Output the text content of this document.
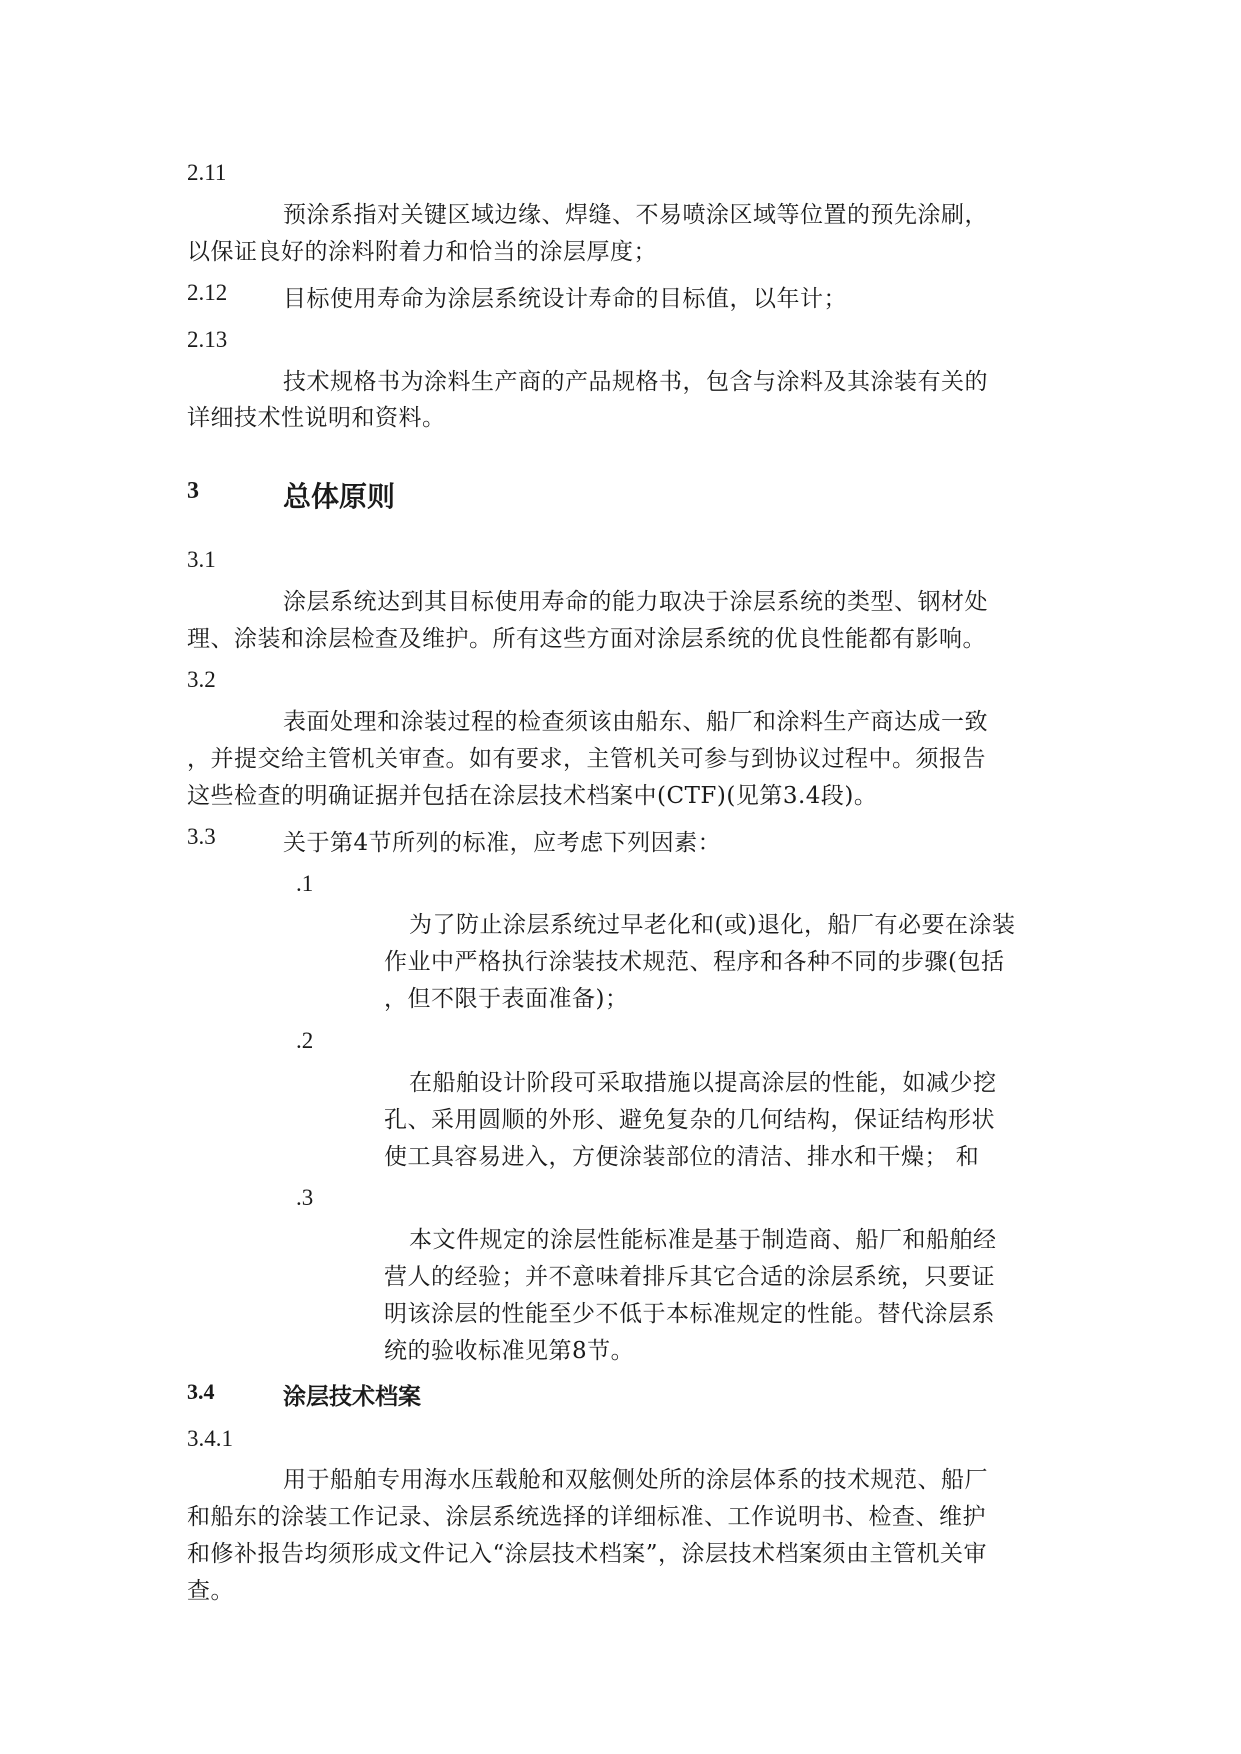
2.11
预涂系指对关键区域边缘、焊缝、不易喷涂区域等位置的预先涂刷，
以保证良好的涂料附着力和恰当的涂层厚度；
2.12 目标使用寿命为涂层系统设计寿命的目标值，以年计；
2.13
技术规格书为涂料生产商的产品规格书，包含与涂料及其涂装有关的
详细技术性说明和资料。
3	总体原则
3.1
涂层系统达到其目标使用寿命的能力取决于涂层系统的类型、钢材处
理、涂装和涂层检查及维护。所有这些方面对涂层系统的优良性能都有影响。
3.2
表面处理和涂装过程的检查须该由船东、船厂和涂料生产商达成一致
，并提交给主管机关审查。如有要求，主管机关可参与到协议过程中。须报告
这些检查的明确证据并包括在涂层技术档案中(CTF)(见第3.4段)。
3.3	关于第4节所列的标准，应考虑下列因素：
.1
为了防止涂层系统过早老化和(或)退化，船厂有必要在涂装
作业中严格执行涂装技术规范、程序和各种不同的步骤(包括
，但不限于表面准备)；
.2
在船舶设计阶段可采取措施以提高涂层的性能，如减少挖
孔、采用圆顺的外形、避免复杂的几何结构，保证结构形状
使工具容易进入，方便涂装部位的清洁、排水和干燥； 和
.3
本文件规定的涂层性能标准是基于制造商、船厂和船舶经
营人的经验；并不意味着排斥其它合适的涂层系统，只要证
明该涂层的性能至少不低于本标准规定的性能。替代涂层系
统的验收标准见第8节。
3.4	涂层技术档案
3.4.1
用于船舶专用海水压载舱和双舷侧处所的涂层体系的技术规范、船厂
和船东的涂装工作记录、涂层系统选择的详细标准、工作说明书、检查、维护
和修补报告均须形成文件记入“涂层技术档案”，涂层技术档案须由主管机关审
查。
